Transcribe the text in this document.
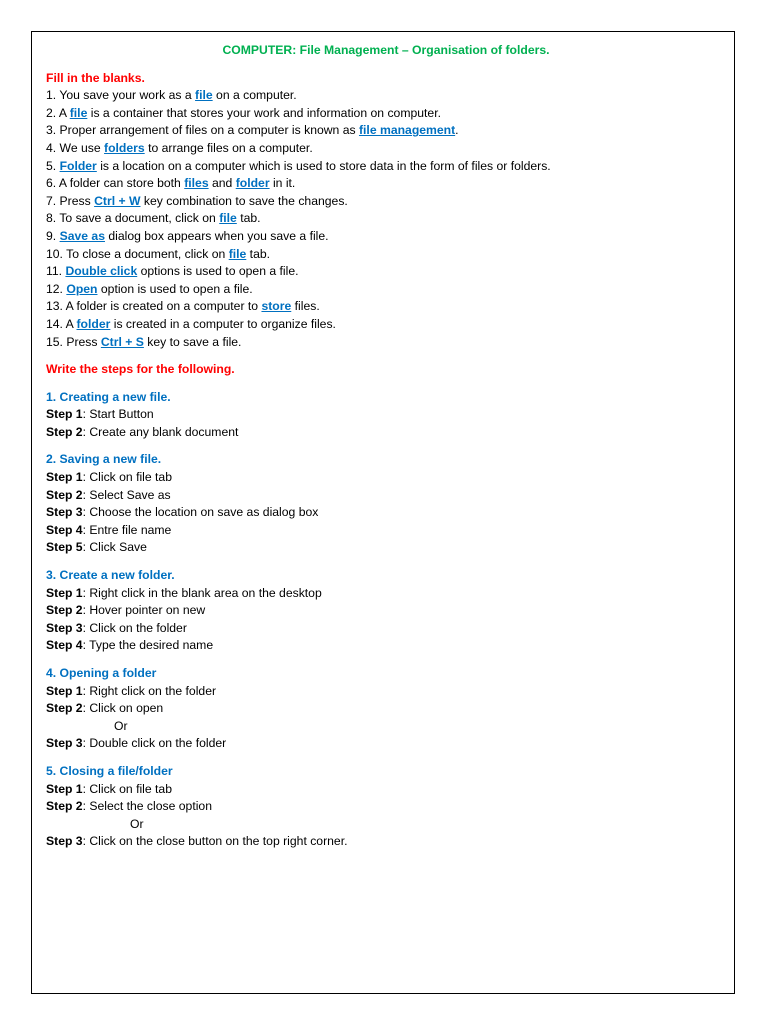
COMPUTER: File Management – Organisation of folders.
Fill in the blanks.
1. You save your work as a file on a computer.
2. A file is a container that stores your work and information on computer.
3. Proper arrangement of files on a computer is known as file management.
4. We use folders to arrange files on a computer.
5. Folder is a location on a computer which is used to store data in the form of files or folders.
6. A folder can store both files and folder in it.
7. Press Ctrl + W key combination to save the changes.
8. To save a document, click on file tab.
9. Save as dialog box appears when you save a file.
10. To close a document, click on file tab.
11. Double click options is used to open a file.
12. Open option is used to open a file.
13. A folder is created on a computer to store files.
14. A folder is created in a computer to organize files.
15. Press Ctrl + S key to save a file.
Write the steps for the following.
1. Creating a new file.
Step 1: Start Button
Step 2: Create any blank document
2. Saving a new file.
Step 1: Click on file tab
Step 2: Select Save as
Step 3: Choose the location on save as dialog box
Step 4: Entre file name
Step 5: Click Save
3. Create a new folder.
Step 1: Right click in the blank area on the desktop
Step 2: Hover pointer on new
Step 3: Click on the folder
Step 4: Type the desired name
4. Opening a folder
Step 1: Right click on the folder
Step 2: Click on open
Or
Step 3: Double click on the folder
5. Closing a file/folder
Step 1: Click on file tab
Step 2: Select the close option
Or
Step 3: Click on the close button on the top right corner.
